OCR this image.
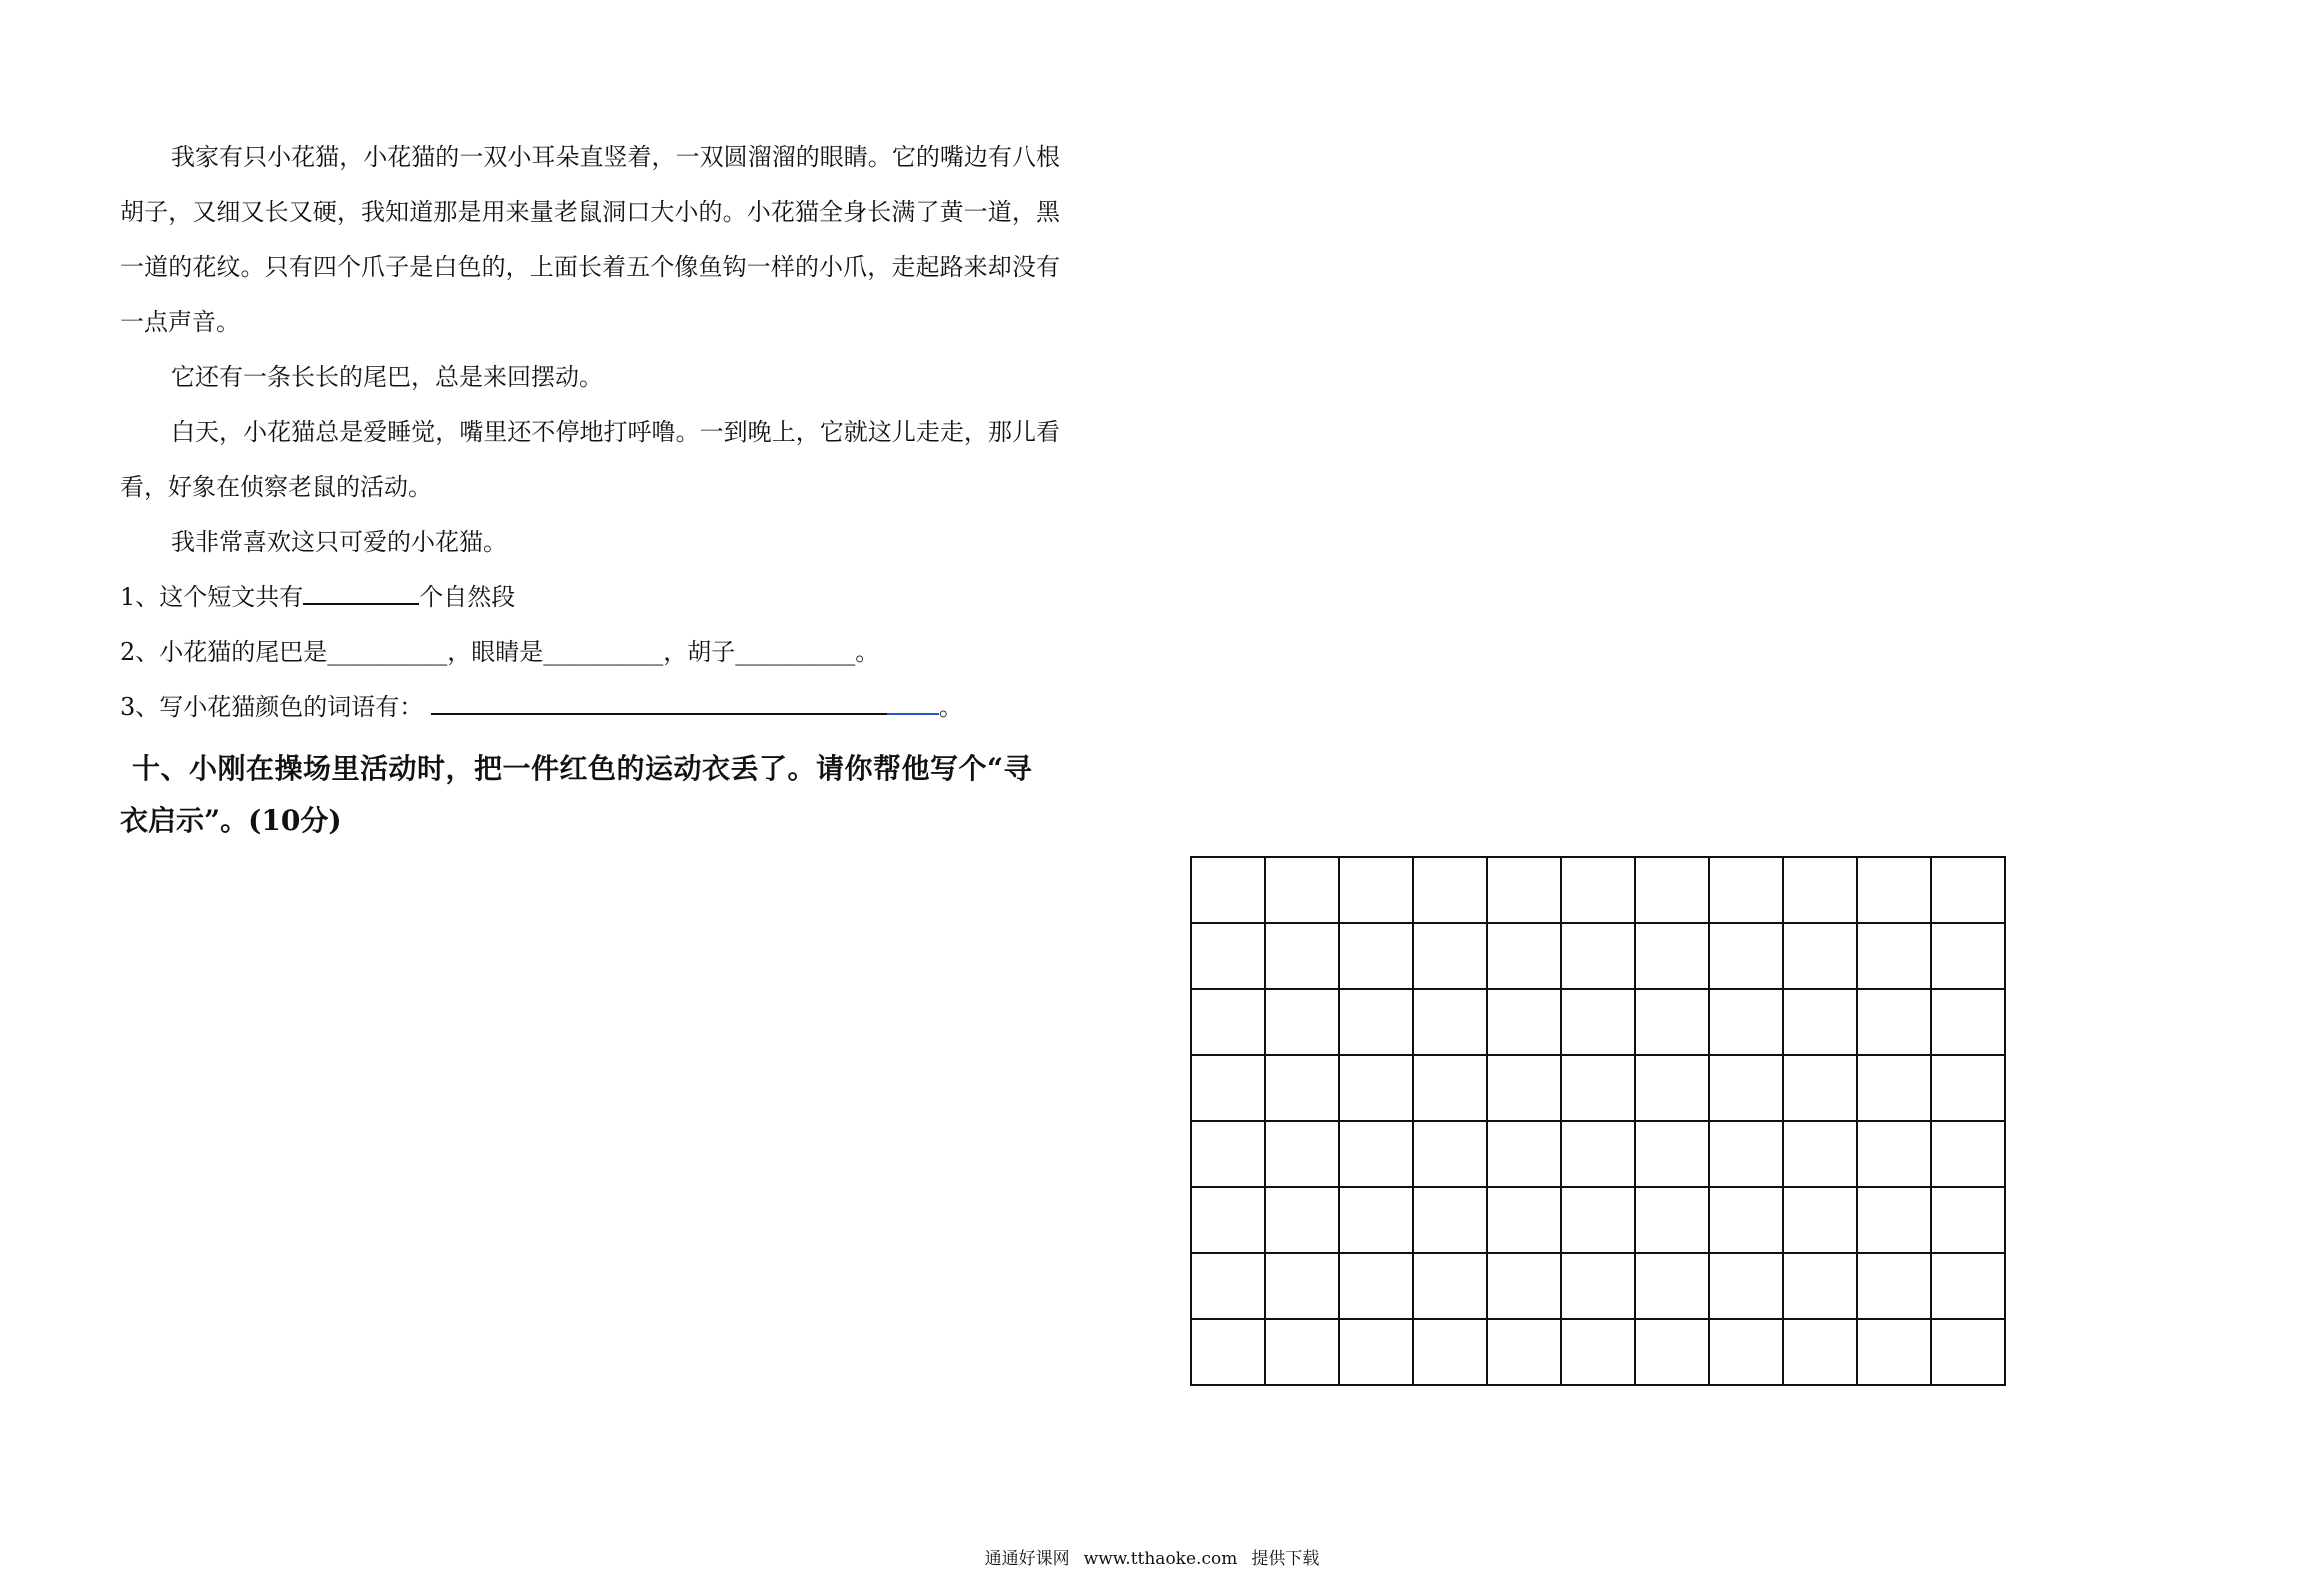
我家有只小花猫，小花猫的一双小耳朵直竖着，一双圆溜溜的眼睛。它的嘴边有八根胡子，又细又长又硬，我知道那是用来量老鼠洞口大小的。小花猫全身长满了黄一道，黑一道的花纹。只有四个爪子是白色的，上面长着五个像鱼钩一样的小爪，走起路来却没有一点声音。

它还有一条长长的尾巴，总是来回摆动。

白天，小花猫总是爱睡觉，嘴里还不停地打呼噜。一到晚上，它就这儿走走，那儿看看，好象在侦察老鼠的活动。

我非常喜欢这只可爱的小花猫。

1、这个短文共有	个自然段

2、小花猫的尾巴是__________，眼睛是__________，胡子__________。

3、写小花猫颜色的词语有：	。

十、小刚在操场里活动时，把一件红色的运动衣丢了。请你帮他写个“寻
衣启示”。(10分)
通通好课网 www.tthaoke.com 提供下载
